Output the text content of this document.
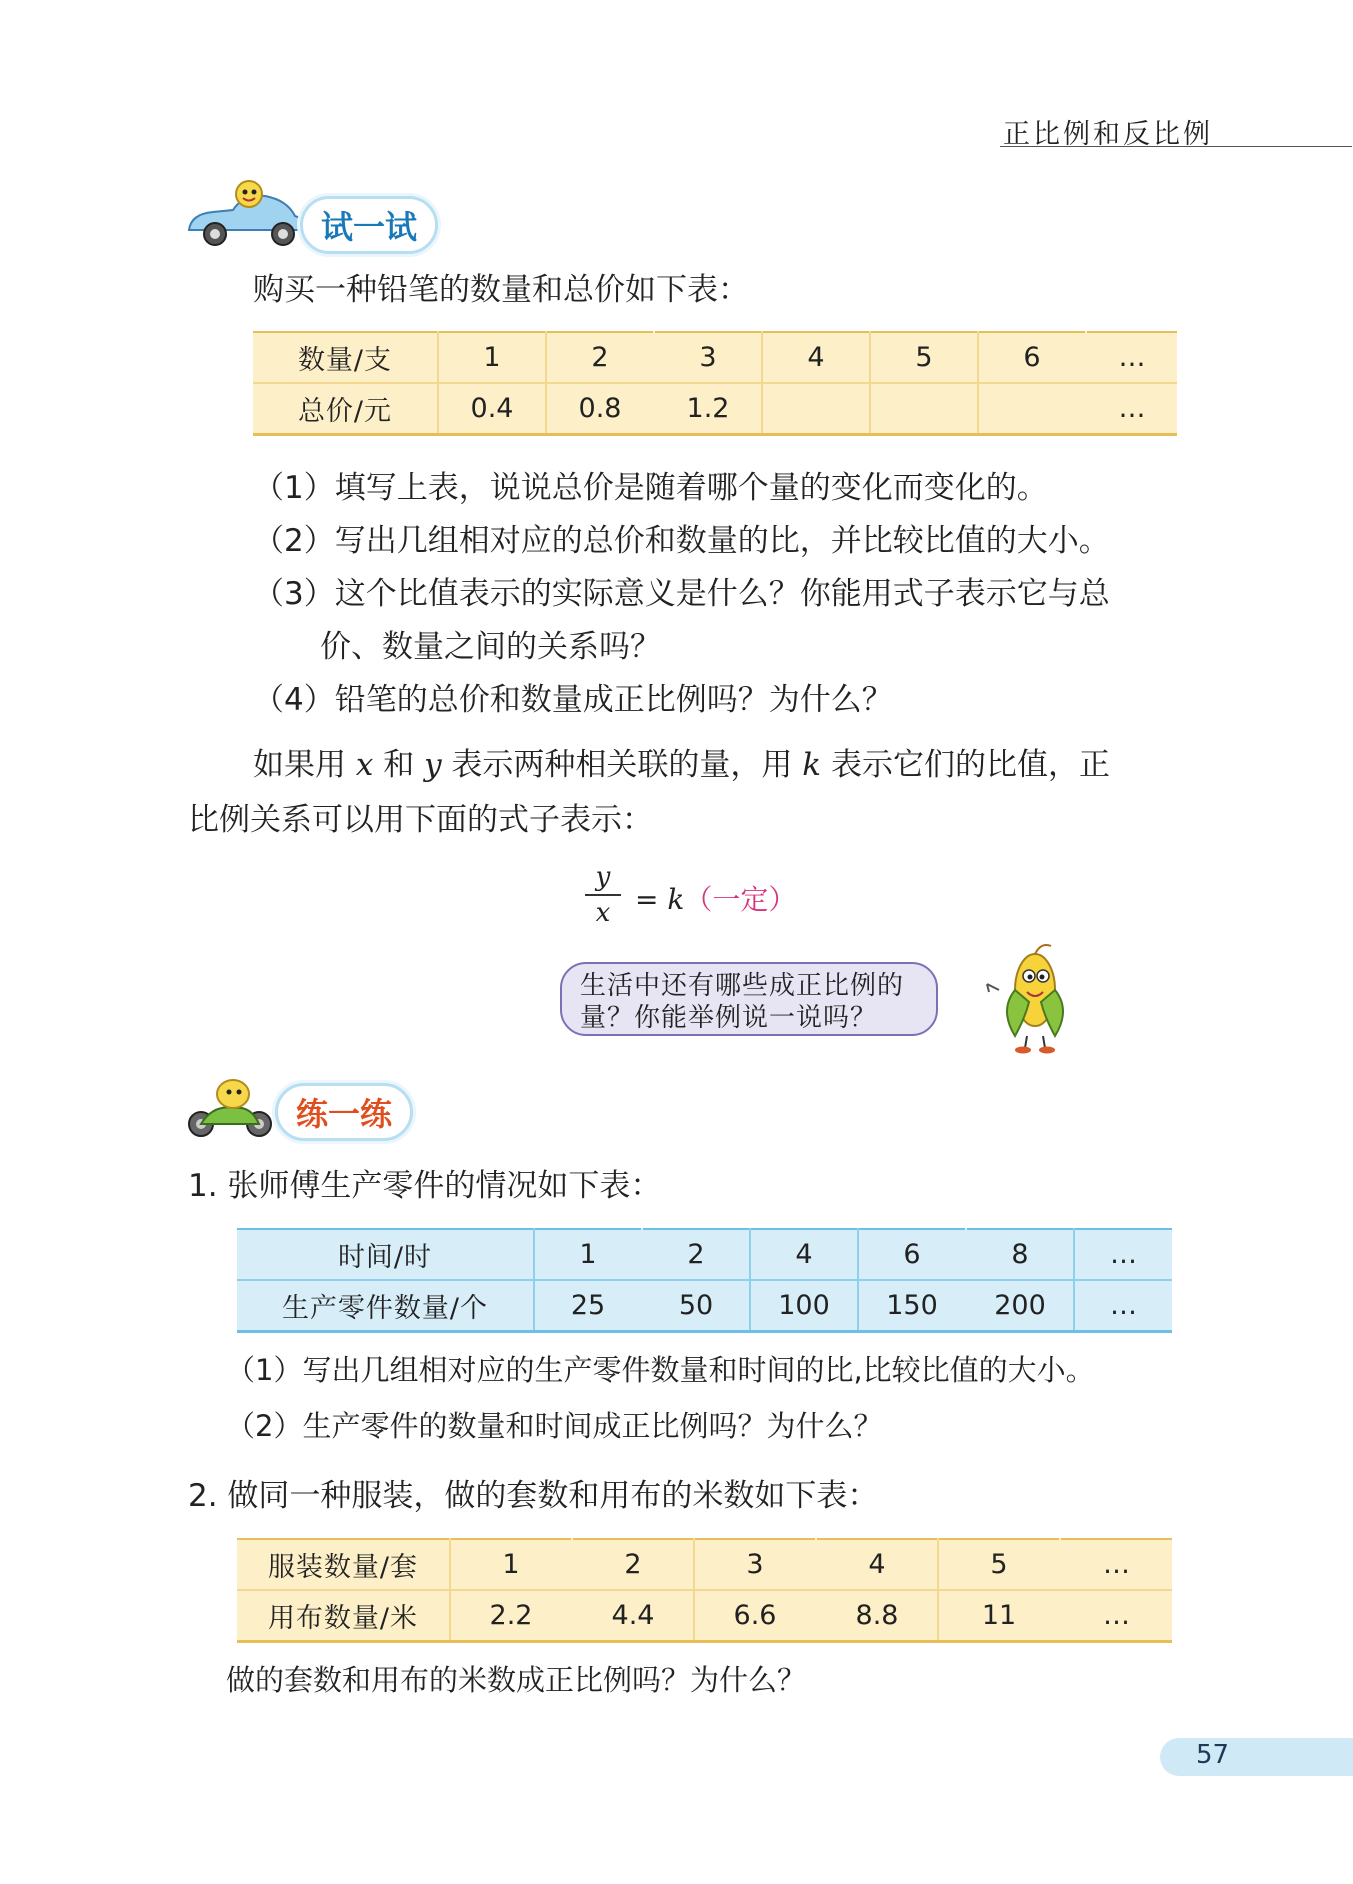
正比例和反比例
试一试
购买一种铅笔的数量和总价如下表：
数量/支	1	2	3	4	5	6	…
总价/元	0.4	0.8	1.2				…
（1）填写上表，说说总价是随着哪个量的变化而变化的。
（2）写出几组相对应的总价和数量的比，并比较比值的大小。
（3）这个比值表示的实际意义是什么？你能用式子表示它与总
价、数量之间的关系吗？
（4）铅笔的总价和数量成正比例吗？为什么？
如果用 x 和 y 表示两种相关联的量，用 k 表示它们的比值，正
比例关系可以用下面的式子表示：
y
x = k（一定）
生活中还有哪些成正比例的
量？你能举例说一说吗？
练一练
1. 张师傅生产零件的情况如下表：
时间/时	1	2	4	6	8	…
生产零件数量/个	25	50	100	150	200	…
（1）写出几组相对应的生产零件数量和时间的比,比较比值的大小。
（2）生产零件的数量和时间成正比例吗？为什么？
2. 做同一种服装，做的套数和用布的米数如下表：
服装数量/套	1	2	3	4	5	…
用布数量/米	2.2	4.4	6.6	8.8	11	…
做的套数和用布的米数成正比例吗？为什么？
57
